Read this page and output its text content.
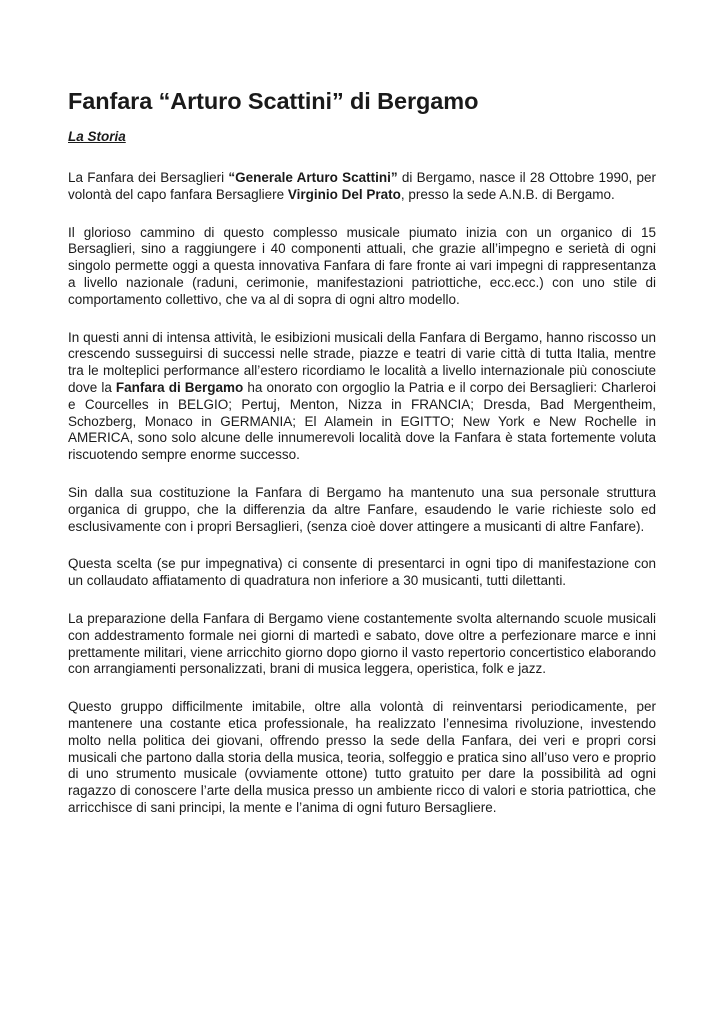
Fanfara “Arturo Scattini” di Bergamo
La Storia

La Fanfara dei Bersaglieri “Generale Arturo Scattini” di Bergamo, nasce il 28 Ottobre 1990, per volontà del capo fanfara Bersagliere Virginio Del Prato, presso la sede A.N.B. di Bergamo.

Il glorioso cammino di questo complesso musicale piumato inizia con un organico di 15 Bersaglieri, sino a raggiungere i 40 componenti attuali, che grazie all’impegno e serietà di ogni singolo permette oggi a questa innovativa Fanfara di fare fronte ai vari impegni di rappresentanza a livello nazionale (raduni, cerimonie, manifestazioni patriottiche, ecc.ecc.) con uno stile di comportamento collettivo, che va al di sopra di ogni altro modello.

In questi anni di intensa attività, le esibizioni musicali della Fanfara di Bergamo, hanno riscosso un crescendo susseguirsi di successi nelle strade, piazze e teatri di varie città di tutta Italia, mentre tra le molteplici performance all’estero ricordiamo le località a livello internazionale più conosciute dove la Fanfara di Bergamo ha onorato con orgoglio la Patria e il corpo dei Bersaglieri: Charleroi e Courcelles in BELGIO; Pertuj, Menton, Nizza in FRANCIA; Dresda, Bad Mergentheim, Schozberg, Monaco in GERMANIA; El Alamein in EGITTO; New York e New Rochelle in AMERICA, sono solo alcune delle innumerevoli località dove la Fanfara è stata fortemente voluta riscuotendo sempre enorme successo.

Sin dalla sua costituzione la Fanfara di Bergamo ha mantenuto una sua personale struttura organica di gruppo, che la differenzia da altre Fanfare, esaudendo le varie richieste solo ed esclusivamente con i propri Bersaglieri, (senza cioè dover attingere a musicanti di altre Fanfare).

Questa scelta (se pur impegnativa) ci consente di presentarci in ogni tipo di manifestazione con un collaudato affiatamento di quadratura non inferiore a 30 musicanti, tutti dilettanti.

La preparazione della Fanfara di Bergamo viene costantemente svolta alternando scuole musicali con addestramento formale nei giorni di martedì e sabato, dove oltre a perfezionare marce e inni prettamente militari, viene arricchito giorno dopo giorno il vasto repertorio concertistico elaborando con arrangiamenti personalizzati, brani di musica leggera, operistica, folk e jazz.

Questo gruppo difficilmente imitabile, oltre alla volontà di reinventarsi periodicamente, per mantenere una costante etica professionale, ha realizzato l’ennesima rivoluzione, investendo molto nella politica dei giovani, offrendo presso la sede della Fanfara, dei veri e propri corsi musicali che partono dalla storia della musica, teoria, solfeggio e pratica sino all’uso vero e proprio di uno strumento musicale (ovviamente ottone) tutto gratuito per dare la possibilità ad ogni ragazzo di conoscere l’arte della musica presso un ambiente ricco di valori e storia patriottica, che arricchisce di sani principi, la mente e l’anima di ogni futuro Bersagliere.
